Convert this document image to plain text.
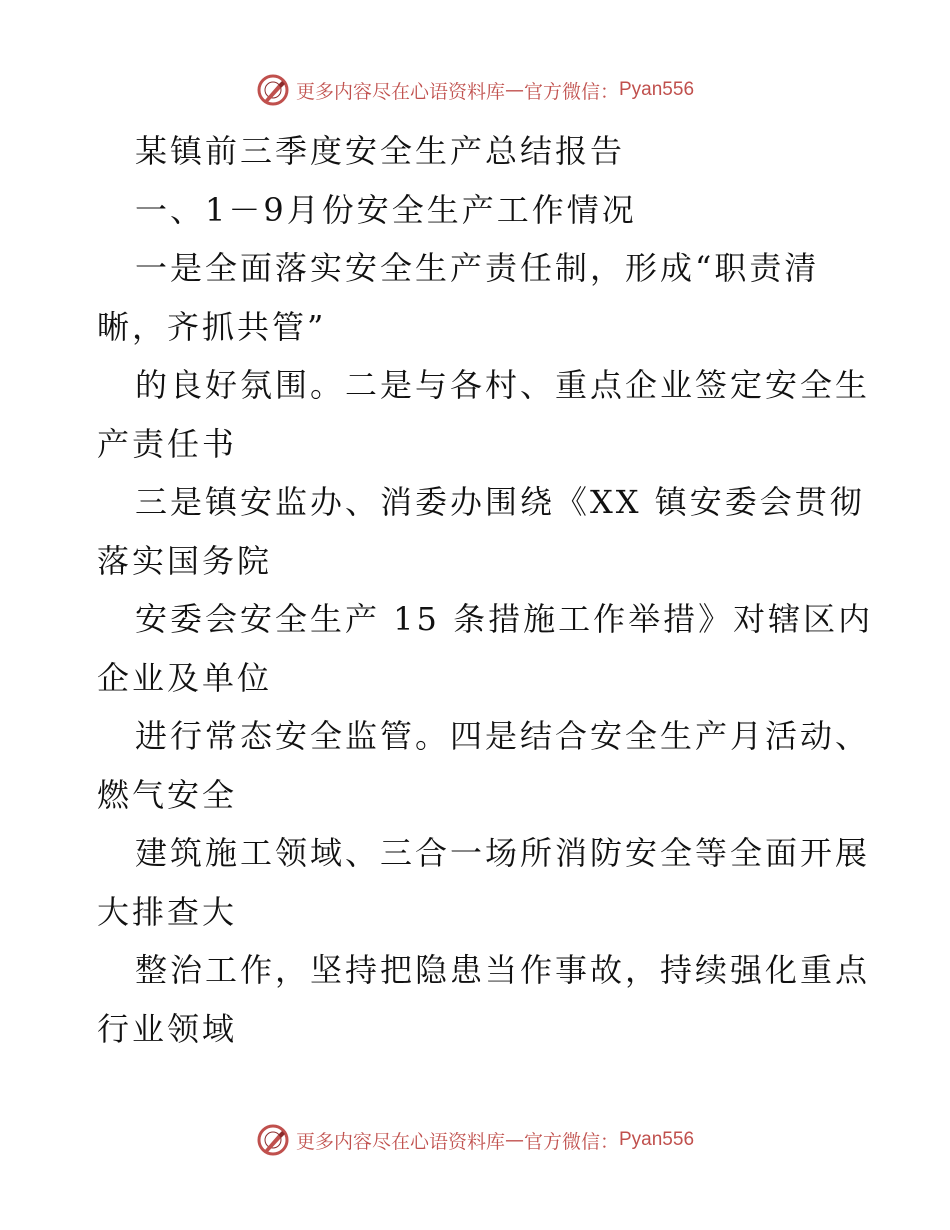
更多内容尽在心语资料库 — 官方微信： Pyan556
某镇前三季度安全生产总结报告
一、1－9月份安全生产工作情况
一是全面落实安全生产责任制，形成“职责清
晰，齐抓共管”
的良好氛围。二是与各村、重点企业签定安全生
产责任书
三是镇安监办、消委办围绕《XX 镇安委会贯彻
落实国务院
安委会安全生产 15 条措施工作举措》对辖区内
企业及单位
进行常态安全监管。四是结合安全生产月活动、
燃气安全
建筑施工领域、三合一场所消防安全等全面开展
大排查大
整治工作，坚持把隐患当作事故，持续强化重点
行业领域
更多内容尽在心语资料库 — 官方微信： Pyan556
